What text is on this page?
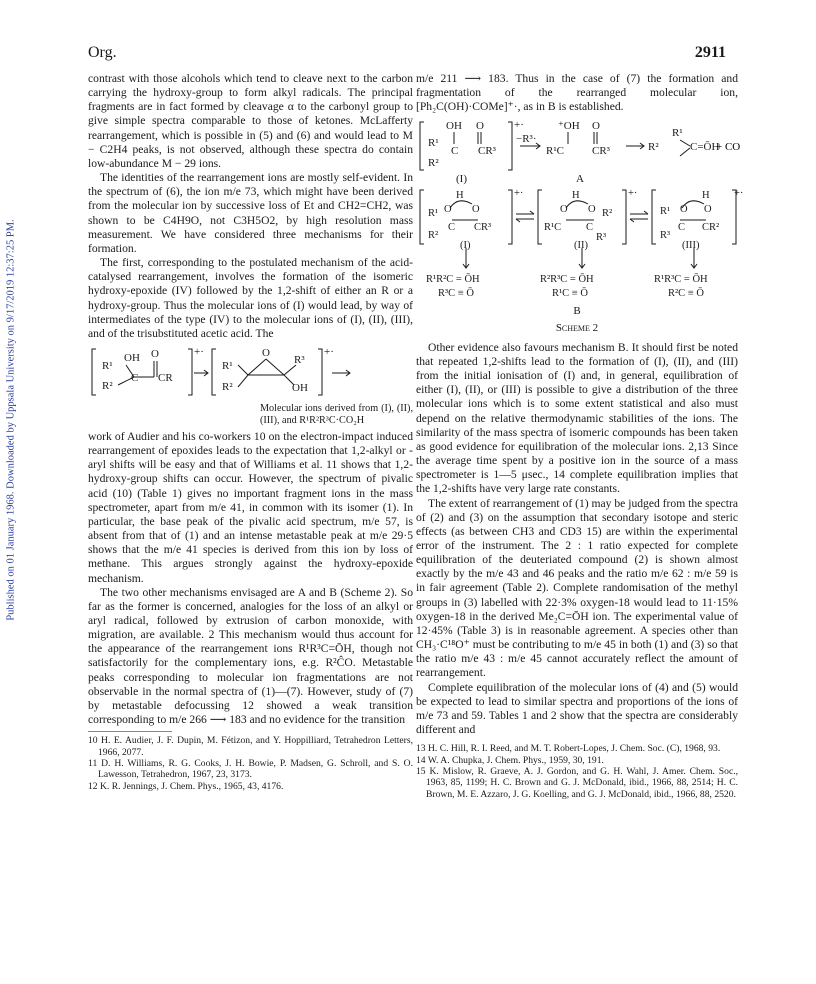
Published on 01 January 1968. Downloaded by Uppsala University on 9/17/2019 12:37:25 PM.
Org.	2911

contrast with those alcohols which tend to cleave next to the carbon carrying the hydroxy-group to form alkyl radicals. The principal fragments are in fact formed by cleavage α to the carbonyl group to give simple spectra comparable to those of ketones. McLafferty rearrangement, which is possible in (5) and (6) and would lead to M − C2H4 peaks, is not observed, although these spectra do contain low-abundance M − 29 ions.

The identities of the rearrangement ions are mostly self-evident. In the spectrum of (6), the ion m/e 73, which might have been derived from the molecular ion by successive loss of Et and CH2=CH2, was shown to be C4H9O, not C3H5O2, by high resolution mass measurement. We have considered three mechanisms for their formation.

The first, corresponding to the postulated mechanism of the acid-catalysed rearrangement, involves the formation of the isomeric hydroxy-epoxide (IV) followed by the 1,2-shift of either an R or a hydroxy-group. Thus the molecular ions of (I) would lead, by way of intermediates of the type (IV) to the molecular ions of (I), (II), (III), and of the trisubstituted acetic acid. The

+·	+·
OH O
R¹
R²
C CR
O
R¹
R²
R³
OH
Molecular ions derived from (I), (II), (III), and R¹R²R³C·CO₂H

work of Audier and his co-workers 10 on the electron-impact induced rearrangement of epoxides leads to the expectation that 1,2-alkyl or -aryl shifts will be easy and that of Williams et al. 11 shows that 1,2-hydroxy-group shifts can occur. However, the spectrum of pivalic acid (10) (Table 1) gives no important fragment ions in the mass spectrometer, apart from m/e 41, in common with its isomer (1). In particular, the base peak of the pivalic acid spectrum, m/e 57, is absent from that of (1) and an intense metastable peak at m/e 29·5 shows that the m/e 41 species is derived from this ion by loss of methane. This argues strongly against the hydroxy-epoxide mechanism.

The two other mechanisms envisaged are A and B (Scheme 2). So far as the former is concerned, analogies for the loss of an alkyl or aryl radical, followed by extrusion of carbon monoxide, with migration, are available. 2 This mechanism would thus account for the appearance of the rearrangement ions R¹R³C=ŌH, though not satisfactorily for the complementary ions, e.g. R²ĈO. Metastable peaks corresponding to molecular ion fragmentations are not observable in the normal spectra of (1)—(7). However, study of (7) by metastable defocussing 12 showed a weak transition corresponding to m/e 266 ⟶ 183 and no evidence for the transition

10 H. E. Audier, J. F. Dupin, M. Fétizon, and Y. Hoppilliard, Tetrahedron Letters, 1966, 2077.

11 D. H. Williams, R. G. Cooks, J. H. Bowie, P. Madsen, G. Schroll, and S. O. Lawesson, Tetrahedron, 1967, 23, 3173.

12 K. R. Jennings, J. Chem. Phys., 1965, 43, 4176.

m/e 211 ⟶ 183. Thus in the case of (7) the formation and fragmentation of the rearranged molecular ion, [Ph₂C(OH)·COMe]⁺·, as in B is established.

+·
OH O
R¹
R²
C CR³
−R³·
⁺OH O
R¹C	CR³
R¹
R²	C=ŌH
(I)	A
+ CO
+·	+·	+·
H
O O
R¹
R²
C CR³
H
O O
R¹C C
R²
R³
H
O O
R¹
R³
C CR²
(I)	(II)	(III)
R¹R²C = ŌH
R³C ≡ Ō
R²R³C = ŌH
R¹C ≡ Ō
R¹R³C = ŌH
R²C ≡ Ō
B
Scheme 2

Other evidence also favours mechanism B. It should first be noted that repeated 1,2-shifts lead to the formation of (I), (II), and (III) from the initial ionisation of (I) and, in general, equilibration of either (I), (II), or (III) is possible to give a distribution of the three molecular ions which is to some extent statistical and also must depend on the relative thermodynamic stabilities of the ions. The similarity of the mass spectra of isomeric compounds has been taken as good evidence for equilibration of the molecular ions. 2,13 Since the average time spent by a positive ion in the source of a mass spectrometer is 1—5 μsec., 14 complete equilibration implies that the 1,2-shifts have very large rate constants.

The extent of rearrangement of (1) may be judged from the spectra of (2) and (3) on the assumption that secondary isotope and steric effects (as between CH3 and CD3 15) are within the experimental error of the instrument. The 2 : 1 ratio expected for complete equilibration of the deuteriated compound (2) is shown almost exactly by the m/e 43 and 46 peaks and the ratio m/e 62 : m/e 59 is in fair agreement (Table 2). Complete randomisation of the methyl groups in (3) labelled with 22·3% oxygen-18 would lead to 11·15% oxygen-18 in the derived Me₂C=ŌH ion. The experimental value of 12·45% (Table 3) is in reasonable agreement. A species other than CH₃·C¹⁸O⁺ must be contributing to m/e 45 in both (1) and (3) so that the ratio m/e 43 : m/e 45 cannot accurately reflect the amount of rearrangement.

Complete equilibration of the molecular ions of (4) and (5) would be expected to lead to similar spectra and proportions of the ions of m/e 73 and 59. Tables 1 and 2 show that the spectra are considerably different and

13 H. C. Hill, R. I. Reed, and M. T. Robert-Lopes, J. Chem. Soc. (C), 1968, 93.

14 W. A. Chupka, J. Chem. Phys., 1959, 30, 191.

15 K. Mislow, R. Graeve, A. J. Gordon, and G. H. Wahl, J. Amer. Chem. Soc., 1963, 85, 1199; H. C. Brown and G. J. McDonald, ibid., 1966, 88, 2514; H. C. Brown, M. E. Azzaro, J. G. Koelling, and G. J. McDonald, ibid., 1966, 88, 2520.
